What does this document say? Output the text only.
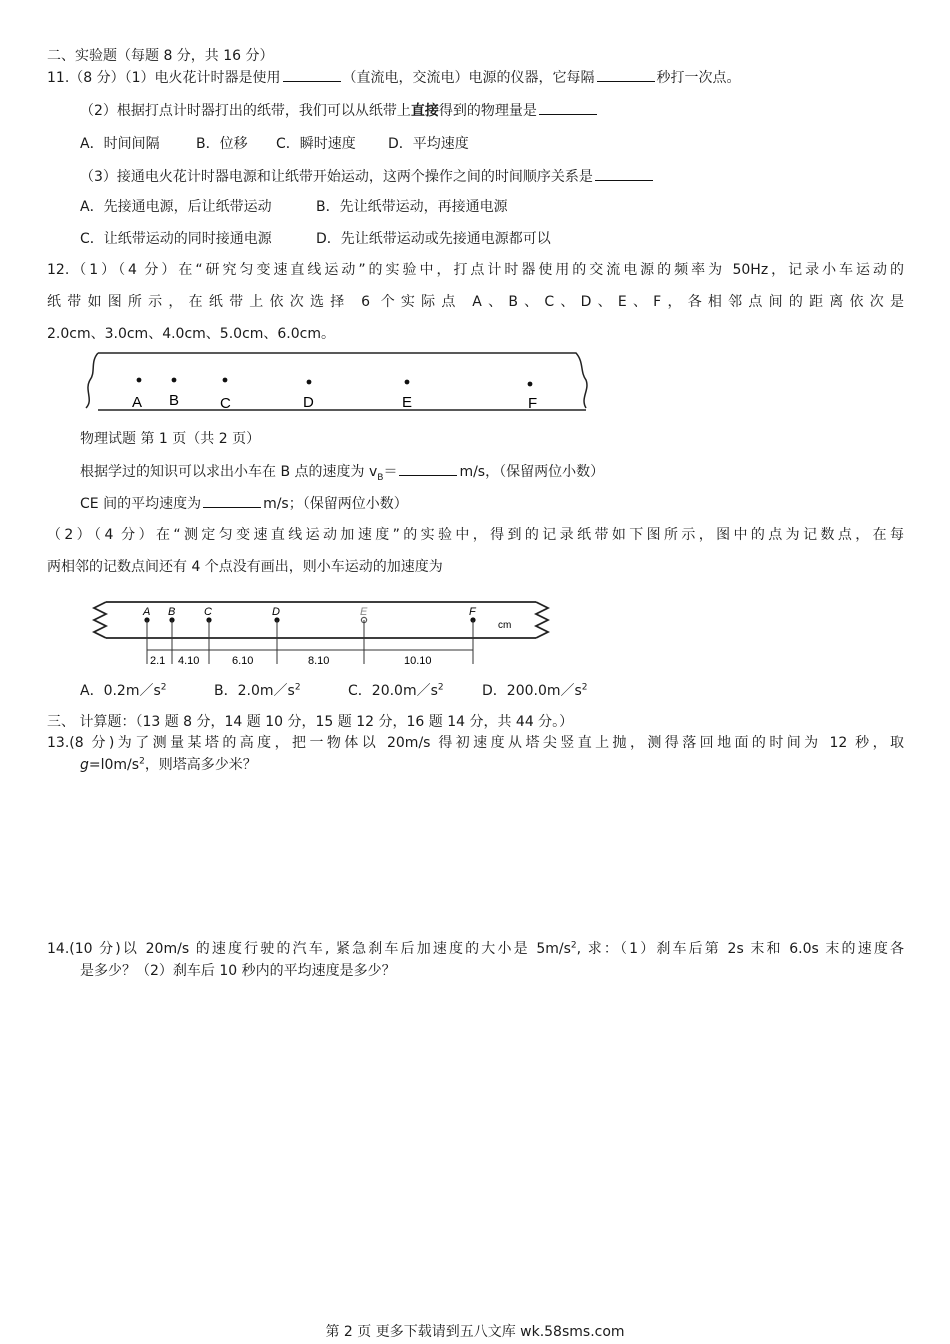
二、实验题（每题 8 分，共 16 分）
11.（8 分）（1）电火花计时器是使用	（直流电，交流电）电源的仪器，它每隔	秒打一次点。
（2）根据打点计时器打出的纸带，我们可以从纸带上直接得到的物理量是
A．时间间隔	B．位移 C．瞬时速度 D．平均速度
（3）接通电火花计时器电源和让纸带开始运动，这两个操作之间的时间顺序关系是
A．先接通电源，后让纸带运动	B．先让纸带运动，再接通电源
C．让纸带运动的同时接通电源	D．先让纸带运动或先接通电源都可以
12.（1）（4 分）在“研究匀变速直线运动”的实验中，打点计时器使用的交流电源的频率为 50Hz，记录小车运动的
纸带如图所示，在纸带上依次选择 6 个实际点 A、B、C、D、E、F，各相邻点间的距离依次是
2.0cm、3.0cm、4.0cm、5.0cm、6.0cm。
A B	C	D	E	F
物理试题 第 1 页（共 2 页）
根据学过的知识可以求出小车在 B 点的速度为 $v_B=$	m/s，（保留两位小数）
CE 间的平均速度为	m/s；（保留两位小数）
（2）（4 分）在“测定匀变速直线运动加速度”的实验中，得到的记录纸带如下图所示，图中的点为记数点，在每
两相邻的记数点间还有 4 个点没有画出，则小车运动的加速度为
A B	C	D	E	F
cm
2.1 4.10	6.10	8.10	10.10
A．$0.2m/s^2$	B．$2.0m/s^2$	C．$20.0m/s^2$	D．$200.0m/s^2$
三、 计算题：（13 题 8 分，14 题 10 分，15 题 12 分，16 题 14 分，共 44 分。）
13.(8 分)为了测量某塔的高度，把一物体以 20m/s 得初速度从塔尖竖直上抛，测得落回地面的时间为 12 秒，取
$g=l0m/s^2$，则塔高多少米？
14.(10 分)以 20m/s 的速度行驶的汽车, 紧急刹车后加速度的大小是 $5m/s^2$, 求：（1）刹车后第 2s 末和 6.0s 末的速度各
是多少？（2）刹车后 10 秒内的平均速度是多少？
第 2 页 更多下载请到五八文库 wk.58sms.com
